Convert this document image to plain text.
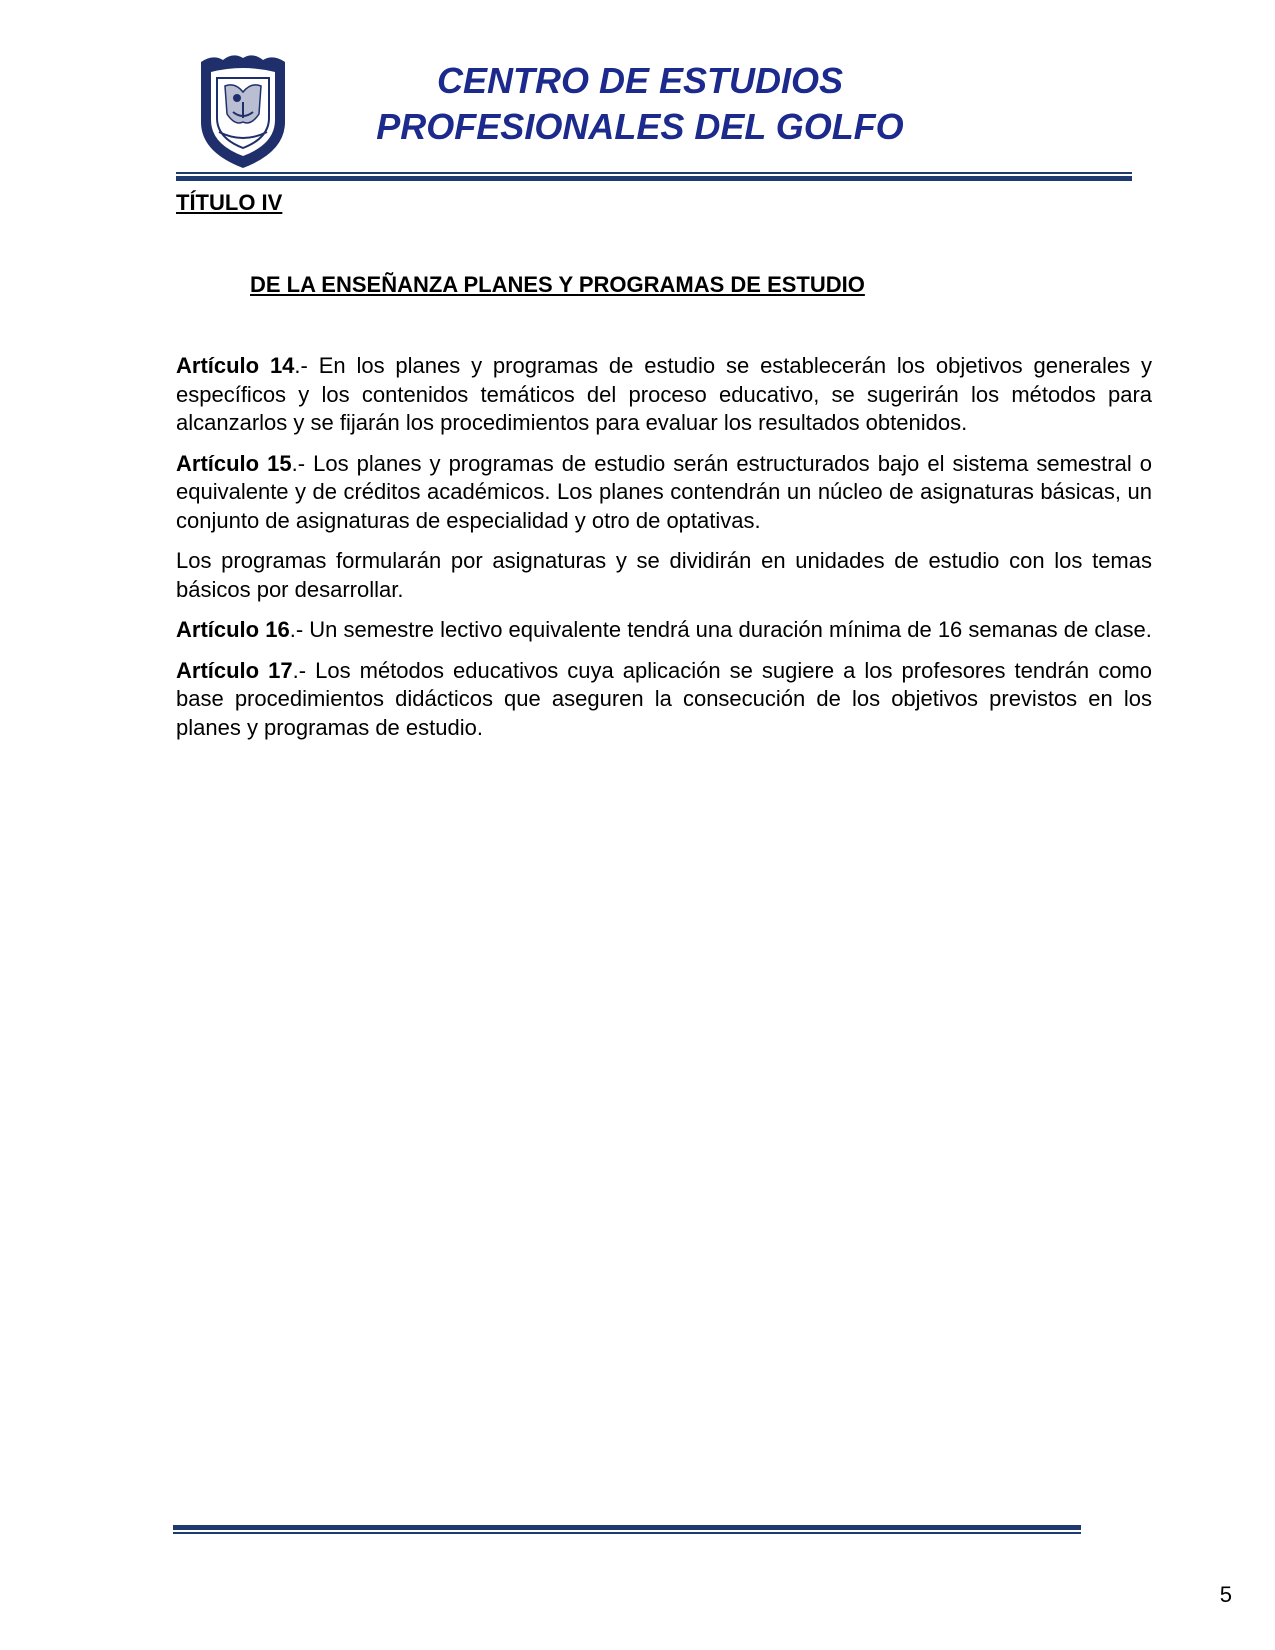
CENTRO DE ESTUDIOS
PROFESIONALES DEL GOLFO
TÍTULO IV
DE LA ENSEÑANZA PLANES Y PROGRAMAS DE ESTUDIO

Artículo 14.- En los planes y programas de estudio se establecerán los objetivos generales y específicos y los contenidos temáticos del proceso educativo, se sugerirán los métodos para alcanzarlos y se fijarán los procedimientos para evaluar los resultados obtenidos.

Artículo 15.- Los planes y programas de estudio serán estructurados bajo el sistema semestral o equivalente y de créditos académicos. Los planes contendrán un núcleo de asignaturas básicas, un conjunto de asignaturas de especialidad y otro de optativas.

Los programas formularán por asignaturas y se dividirán en unidades de estudio con los temas básicos por desarrollar.

Artículo 16.- Un semestre lectivo equivalente tendrá una duración mínima de 16 semanas de clase.

Artículo 17.- Los métodos educativos cuya aplicación se sugiere a los profesores tendrán como base procedimientos didácticos que aseguren la consecución de los objetivos previstos en los planes y programas de estudio.

5
